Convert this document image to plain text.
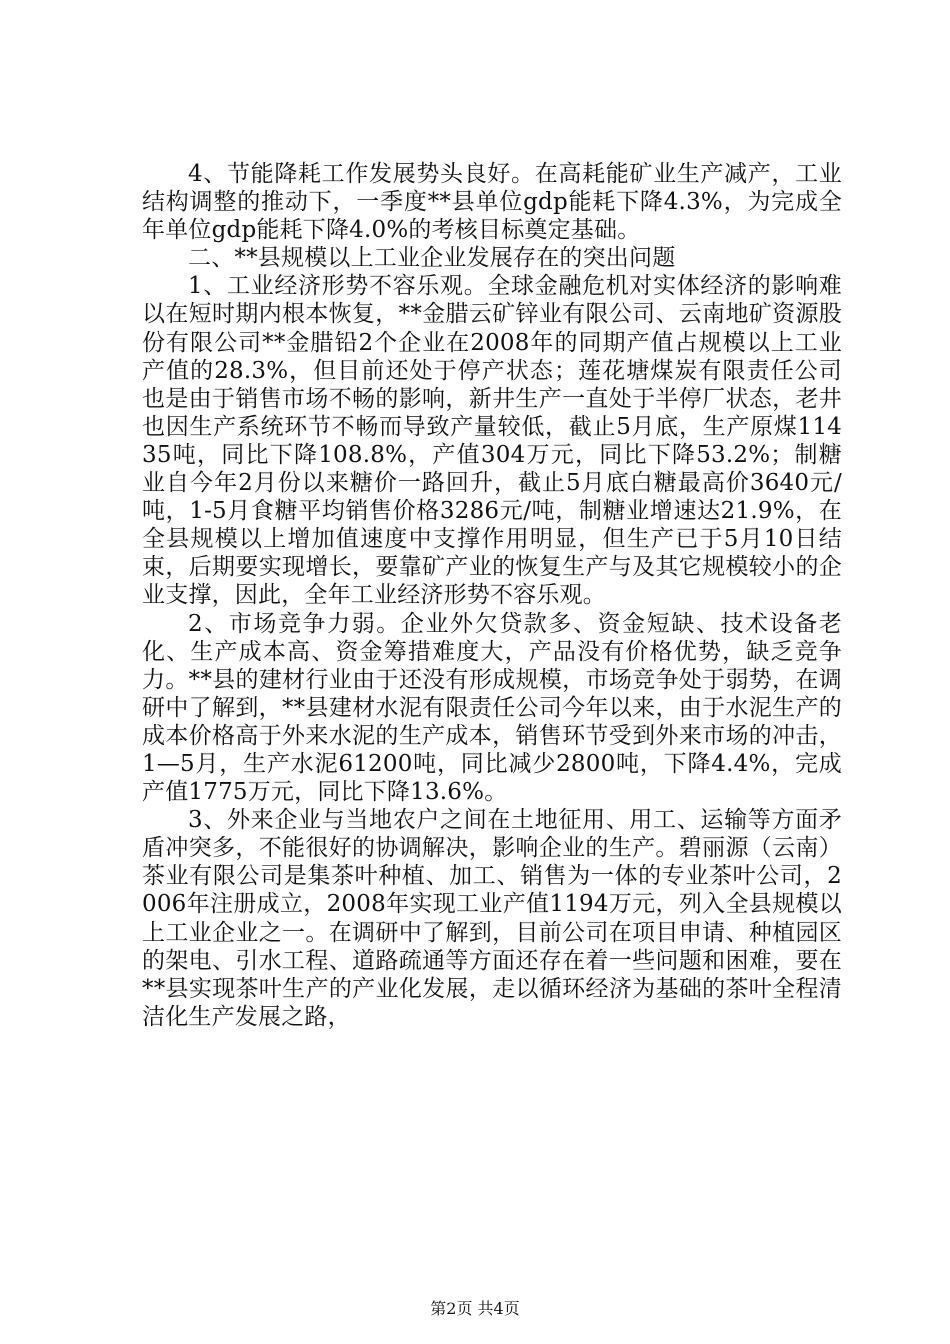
4、节能降耗工作发展势头良好。在高耗能矿业生产减产，工业结构调整的推动下，一季度**县单位gdp能耗下降4.3%，为完成全年单位gdp能耗下降4.0%的考核目标奠定基础。

二、**县规模以上工业企业发展存在的突出问题

1、工业经济形势不容乐观。全球金融危机对实体经济的影响难以在短时期内根本恢复，**金腊云矿锌业有限公司、云南地矿资源股份有限公司**金腊铅2个企业在2008年的同期产值占规模以上工业产值的28.3%，但目前还处于停产状态；莲花塘煤炭有限责任公司也是由于销售市场不畅的影响，新井生产一直处于半停厂状态，老井也因生产系统环节不畅而导致产量较低，截止5月底，生产原煤11435吨，同比下降108.8%，产值304万元，同比下降53.2%；制糖业自今年2月份以来糖价一路回升，截止5月底白糖最高价3640元/吨，1-5月食糖平均销售价格3286元/吨，制糖业增速达21.9%，在全县规模以上增加值速度中支撑作用明显，但生产已于5月10日结束，后期要实现增长，要靠矿产业的恢复生产与及其它规模较小的企业支撑，因此，全年工业经济形势不容乐观。

2、市场竞争力弱。企业外欠贷款多、资金短缺、技术设备老化、生产成本高、资金筹措难度大，产品没有价格优势，缺乏竞争力。**县的建材行业由于还没有形成规模，市场竞争处于弱势，在调研中了解到，**县建材水泥有限责任公司今年以来，由于水泥生产的成本价格高于外来水泥的生产成本，销售环节受到外来市场的冲击，1—5月，生产水泥61200吨，同比减少2800吨，下降4.4%，完成产值1775万元，同比下降13.6%。

3、外来企业与当地农户之间在土地征用、用工、运输等方面矛盾冲突多，不能很好的协调解决，影响企业的生产。碧丽源（云南）茶业有限公司是集茶叶种植、加工、销售为一体的专业茶叶公司，2006年注册成立，2008年实现工业产值1194万元，列入全县规模以上工业企业之一。在调研中了解到，目前公司在项目申请、种植园区的架电、引水工程、道路疏通等方面还存在着一些问题和困难，要在**县实现茶叶生产的产业化发展，走以循环经济为基础的茶叶全程清洁化生产发展之路，

第2页 共4页
